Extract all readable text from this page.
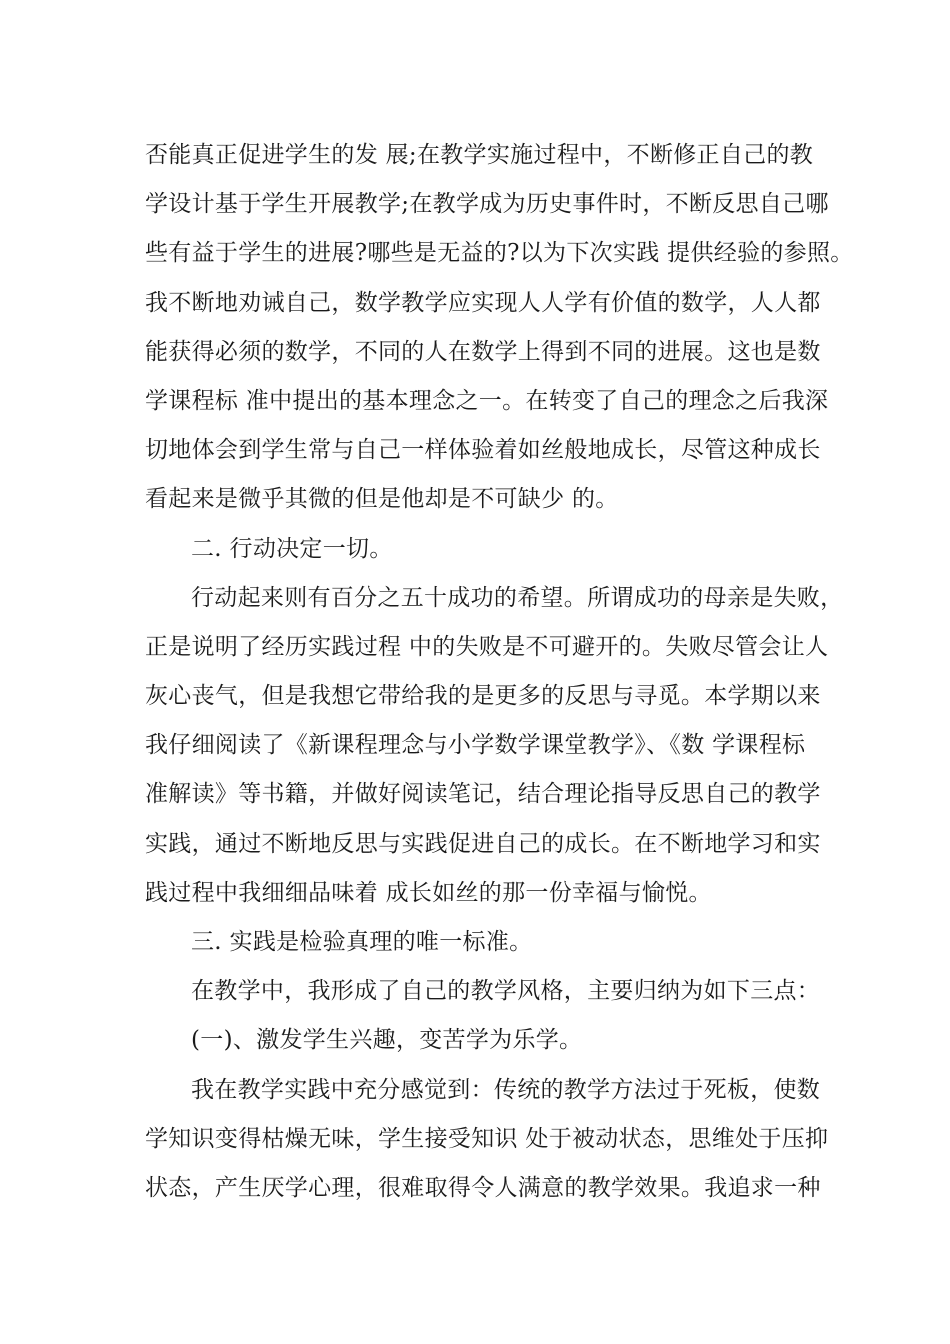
否能真正促进学生的发 展;在教学实施过程中，不断修正自己的教
学设计基于学生开展教学;在教学成为历史事件时，不断反思自己哪
些有益于学生的进展?哪些是无益的?以为下次实践 提供经验的参照。
我不断地劝诫自己，数学教学应实现人人学有价值的数学，人人都
能获得必须的数学，不同的人在数学上得到不同的进展。这也是数
学课程标 准中提出的基本理念之一。在转变了自己的理念之后我深
切地体会到学生常与自己一样体验着如丝般地成长，尽管这种成长
看起来是微乎其微的但是他却是不可缺少 的。
二. 行动决定一切。
行动起来则有百分之五十成功的希望。所谓成功的母亲是失败，
正是说明了经历实践过程 中的失败是不可避开的。失败尽管会让人
灰心丧气，但是我想它带给我的是更多的反思与寻觅。本学期以来
我仔细阅读了《新课程理念与小学数学课堂教学》、《数 学课程标
准解读》等书籍，并做好阅读笔记，结合理论指导反思自己的教学
实践，通过不断地反思与实践促进自己的成长。在不断地学习和实
践过程中我细细品味着 成长如丝的那一份幸福与愉悦。
三. 实践是检验真理的唯一标准。
在教学中，我形成了自己的教学风格，主要归纳为如下三点：
(一)、激发学生兴趣，变苦学为乐学。
我在教学实践中充分感觉到：传统的教学方法过于死板，使数
学知识变得枯燥无味，学生接受知识 处于被动状态，思维处于压抑
状态，产生厌学心理，很难取得令人满意的教学效果。我追求一种
